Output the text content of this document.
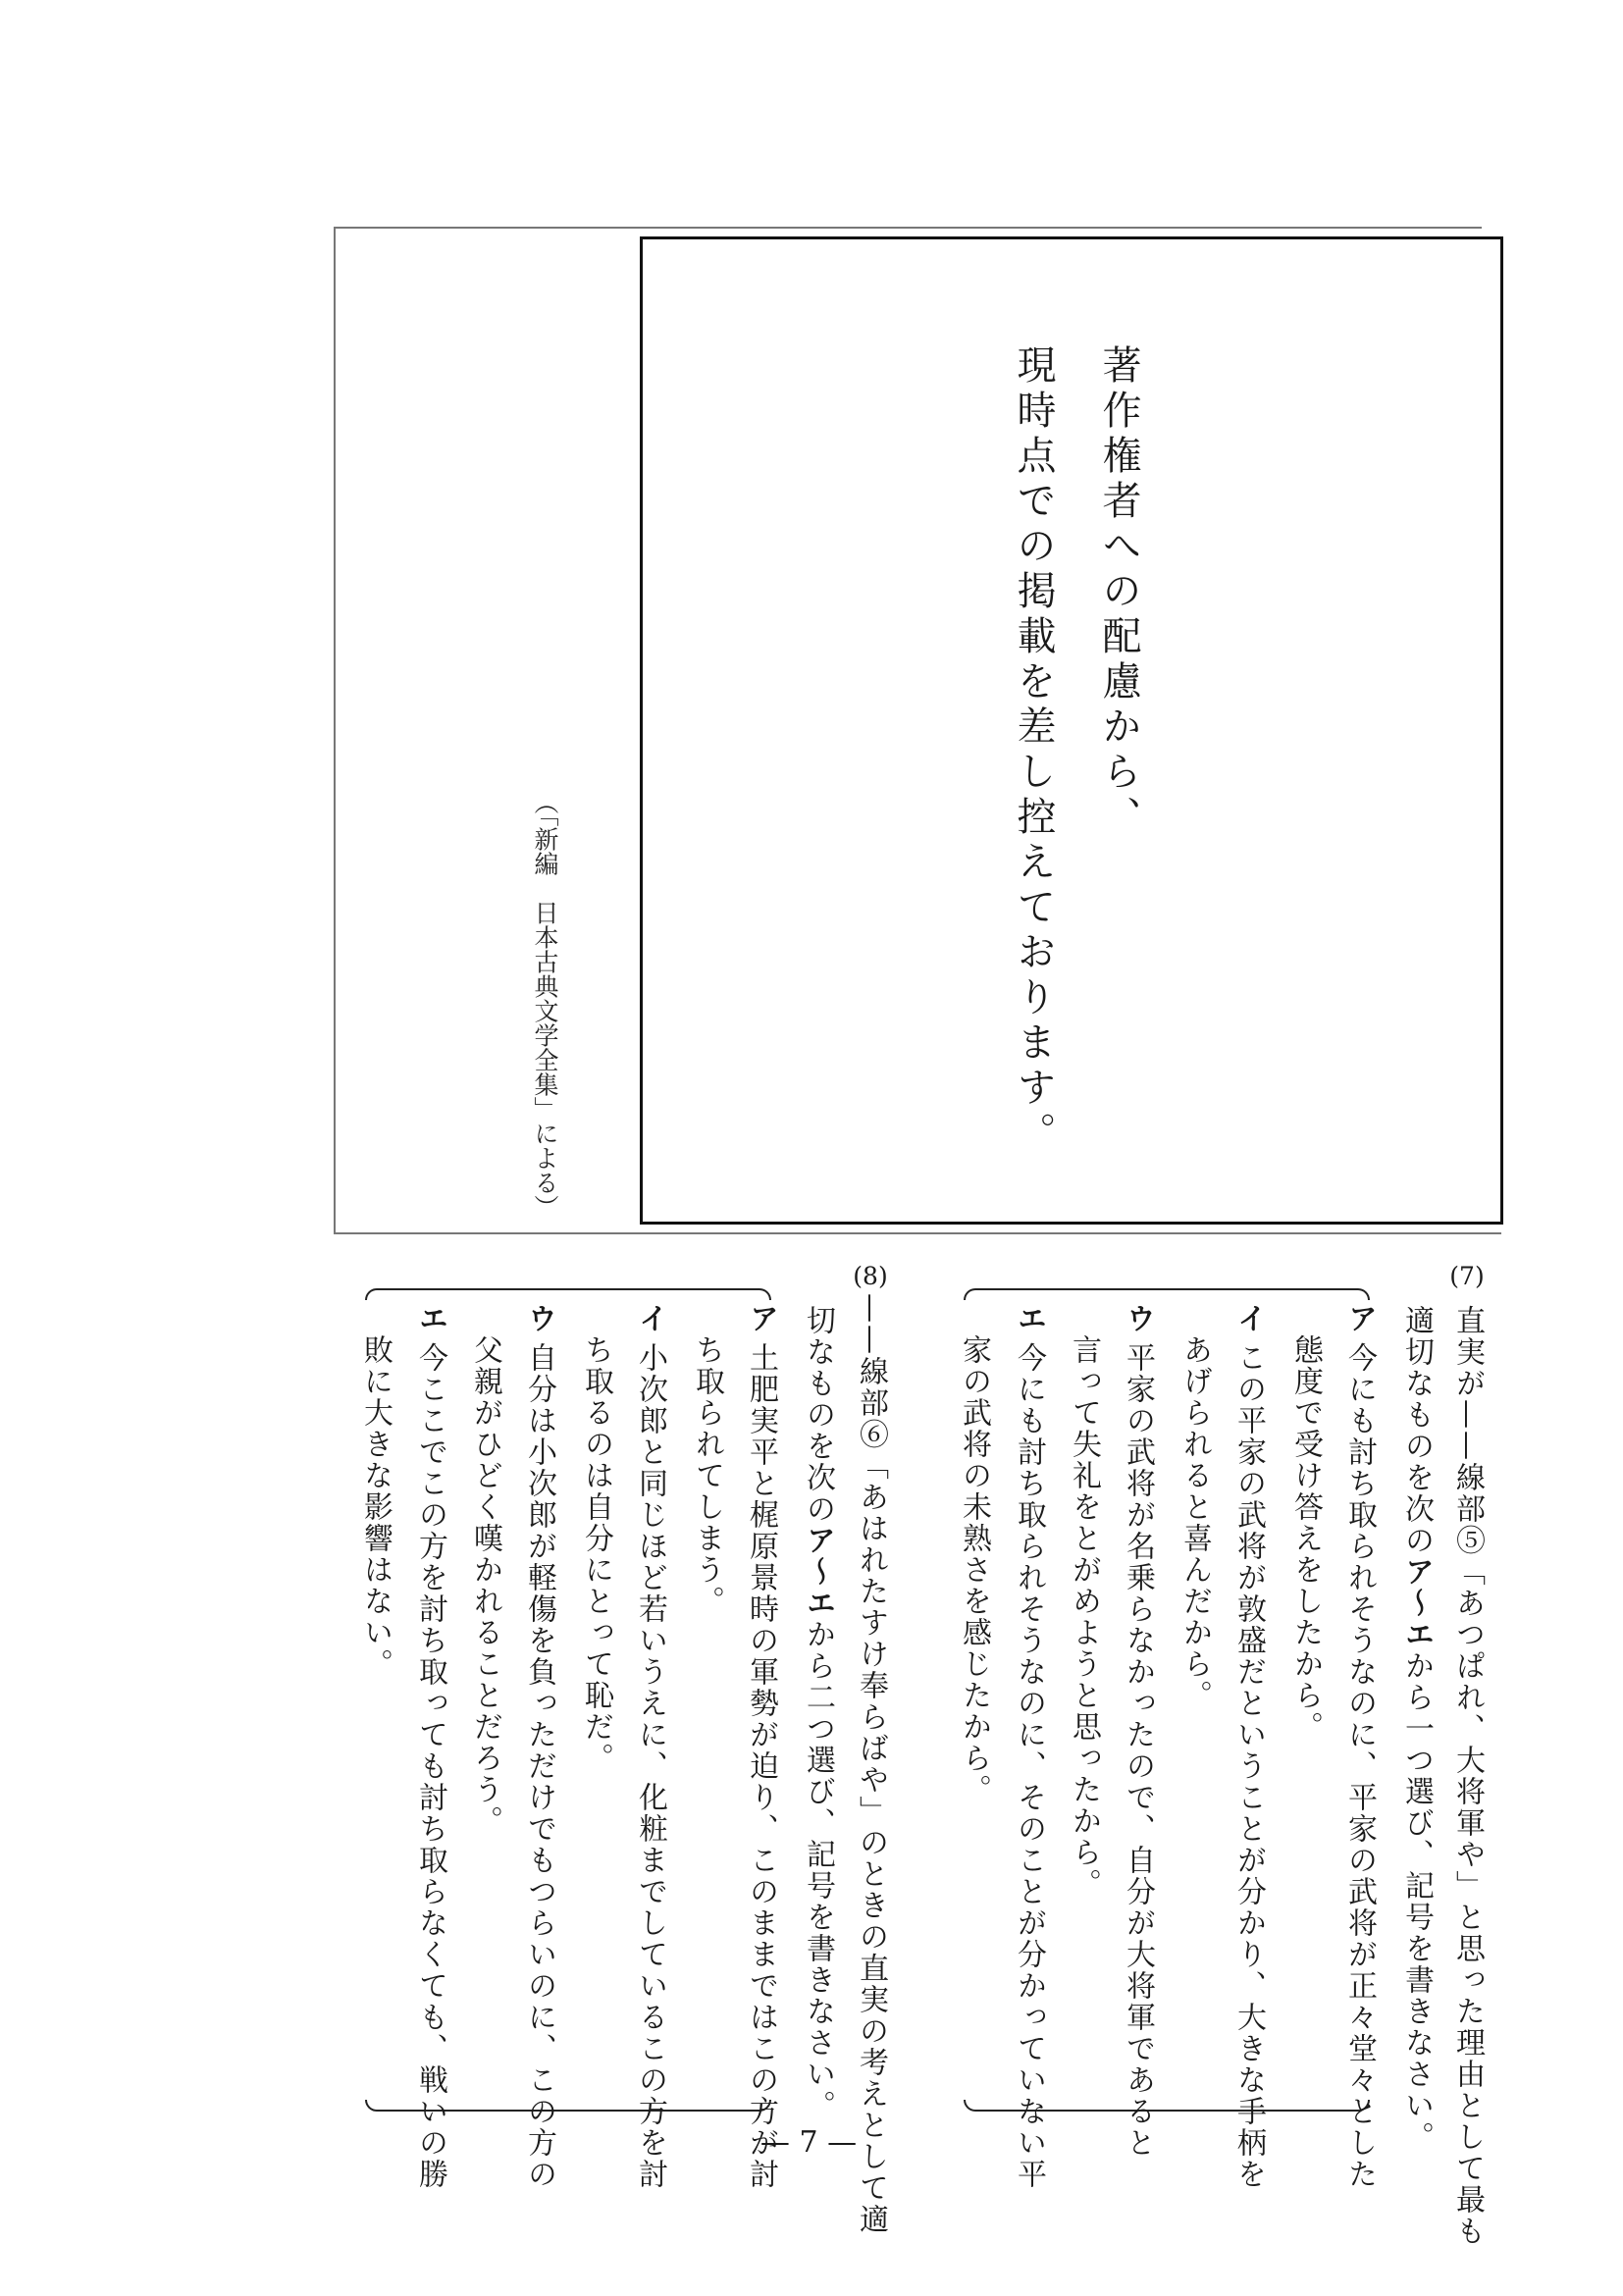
著作権者への配慮から、
現時点での掲載を差し控えております。
（「新編　日本古典文学全集」による）
(7)
直実が——線部⑤「あつぱれ、大将軍や」と思った理由として最も
適切なものを次のア～エから一つ選び、記号を書きなさい。
ア
今にも討ち取られそうなのに、平家の武将が正々堂々とした
態度で受け答えをしたから。
イ
この平家の武将が敦盛だということが分かり、大きな手柄を
あげられると喜んだから。
ウ
平家の武将が名乗らなかったので、自分が大将軍であると
言って失礼をとがめようと思ったから。
エ
今にも討ち取られそうなのに、そのことが分かっていない平
家の武将の未熟さを感じたから。
(8)
——線部⑥「あはれたすけ奉らばや」のときの直実の考えとして適
切なものを次のア～エから二つ選び、記号を書きなさい。
ア
土肥実平と梶原景時の軍勢が迫り、このままではこの方が討
ち取られてしまう。
イ
小次郎と同じほど若いうえに、化粧までしているこの方を討
ち取るのは自分にとって恥だ。
ウ
自分は小次郎が軽傷を負っただけでもつらいのに、この方の
父親がひどく嘆かれることだろう。
エ
今ここでこの方を討ち取っても討ち取らなくても、戦いの勝
敗に大きな影響はない。
— 7 —
